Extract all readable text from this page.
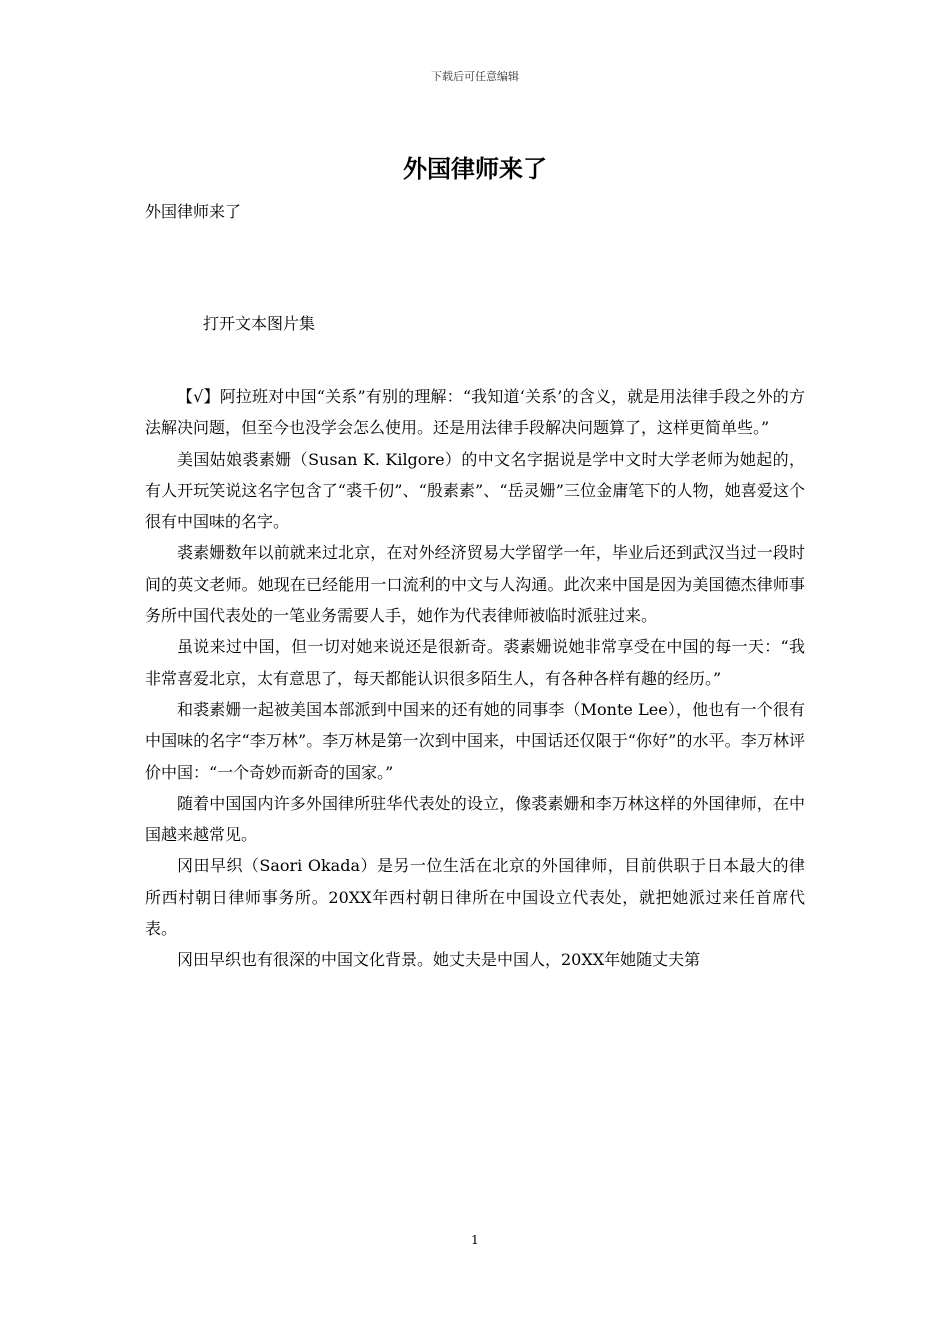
下载后可任意编辑
外国律师来了

外国律师来了

打开文本图片集

【√】阿拉班对中国“关系”有别的理解：“我知道‘关系’的含义，就是用法律手段之外的方法解决问题，但至今也没学会怎么使用。还是用法律手段解决问题算了，这样更简单些。”

美国姑娘裘素姗（Susan K. Kilgore）的中文名字据说是学中文时大学老师为她起的，有人开玩笑说这名字包含了“裘千仞”、“殷素素”、“岳灵姗”三位金庸笔下的人物，她喜爱这个很有中国味的名字。

裘素姗数年以前就来过北京，在对外经济贸易大学留学一年，毕业后还到武汉当过一段时间的英文老师。她现在已经能用一口流利的中文与人沟通。此次来中国是因为美国德杰律师事务所中国代表处的一笔业务需要人手，她作为代表律师被临时派驻过来。

虽说来过中国，但一切对她来说还是很新奇。裘素姗说她非常享受在中国的每一天：“我非常喜爱北京，太有意思了，每天都能认识很多陌生人，有各种各样有趣的经历。”

和裘素姗一起被美国本部派到中国来的还有她的同事李（Monte Lee），他也有一个很有中国味的名字“李万林”。李万林是第一次到中国来，中国话还仅限于“你好”的水平。李万林评价中国：“一个奇妙而新奇的国家。”

随着中国国内许多外国律所驻华代表处的设立，像裘素姗和李万林这样的外国律师，在中国越来越常见。

冈田早织（Saori Okada）是另一位生活在北京的外国律师，目前供职于日本最大的律所西村朝日律师事务所。20XX年西村朝日律所在中国设立代表处，就把她派过来任首席代表。

冈田早织也有很深的中国文化背景。她丈夫是中国人，20XX年她随丈夫第

1
